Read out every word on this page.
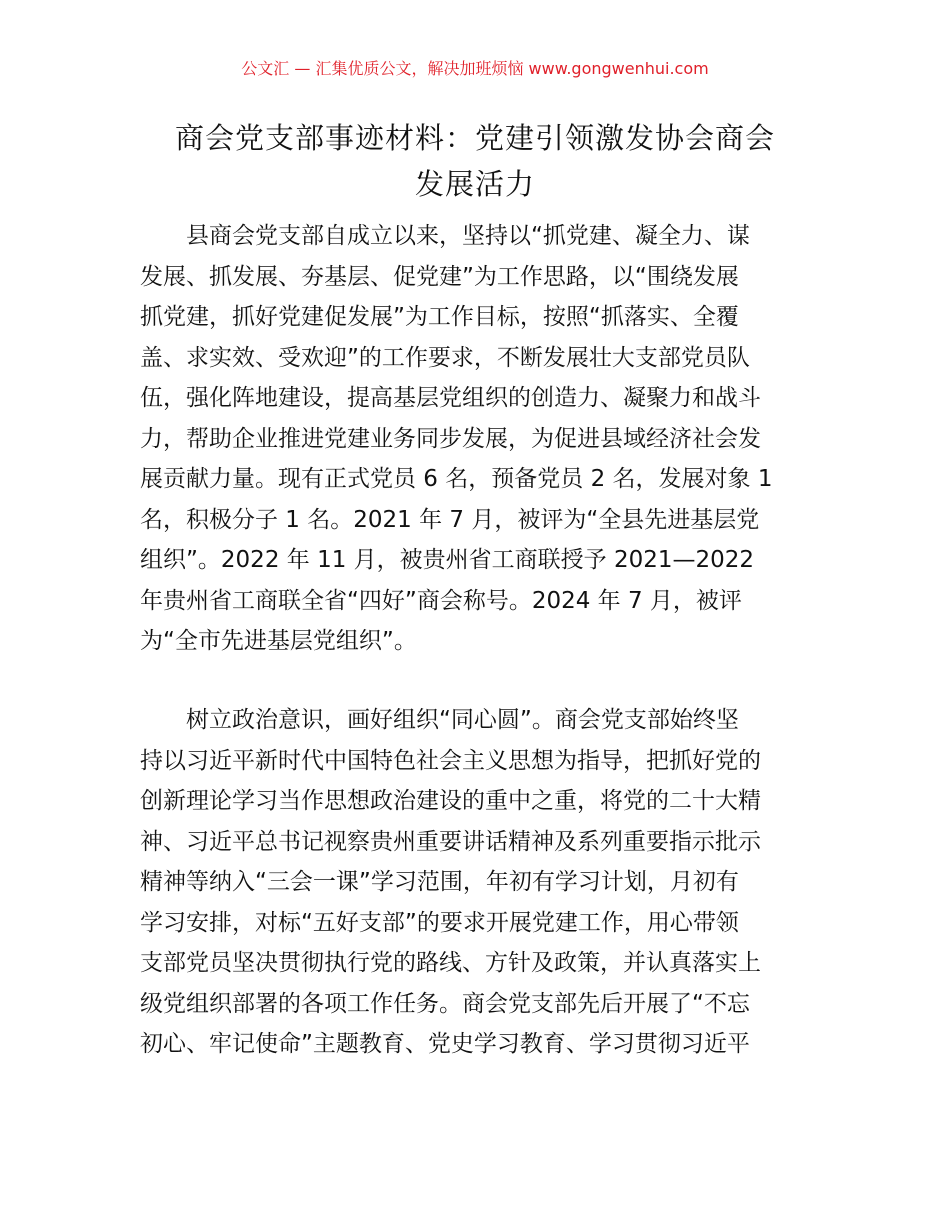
公文汇 — 汇集优质公文，解决加班烦恼 www.gongwenhui.com
商会党支部事迹材料：党建引领激发协会商会
发展活力
县商会党支部自成立以来，坚持以“抓党建、凝全力、谋
发展、抓发展、夯基层、促党建”为工作思路，以“围绕发展
抓党建，抓好党建促发展”为工作目标，按照“抓落实、全覆
盖、求实效、受欢迎”的工作要求，不断发展壮大支部党员队
伍，强化阵地建设，提高基层党组织的创造力、凝聚力和战斗
力，帮助企业推进党建业务同步发展，为促进县域经济社会发
展贡献力量。现有正式党员 6 名，预备党员 2 名，发展对象 1
名，积极分子 1 名。2021 年 7 月，被评为“全县先进基层党
组织”。2022 年 11 月，被贵州省工商联授予 2021—2022
年贵州省工商联全省“四好”商会称号。2024 年 7 月，被评
为“全市先进基层党组织”。
树立政治意识，画好组织“同心圆”。商会党支部始终坚
持以习近平新时代中国特色社会主义思想为指导，把抓好党的
创新理论学习当作思想政治建设的重中之重，将党的二十大精
神、习近平总书记视察贵州重要讲话精神及系列重要指示批示
精神等纳入“三会一课”学习范围，年初有学习计划，月初有
学习安排，对标“五好支部”的要求开展党建工作，用心带领
支部党员坚决贯彻执行党的路线、方针及政策，并认真落实上
级党组织部署的各项工作任务。商会党支部先后开展了“不忘
初心、牢记使命”主题教育、党史学习教育、学习贯彻习近平
